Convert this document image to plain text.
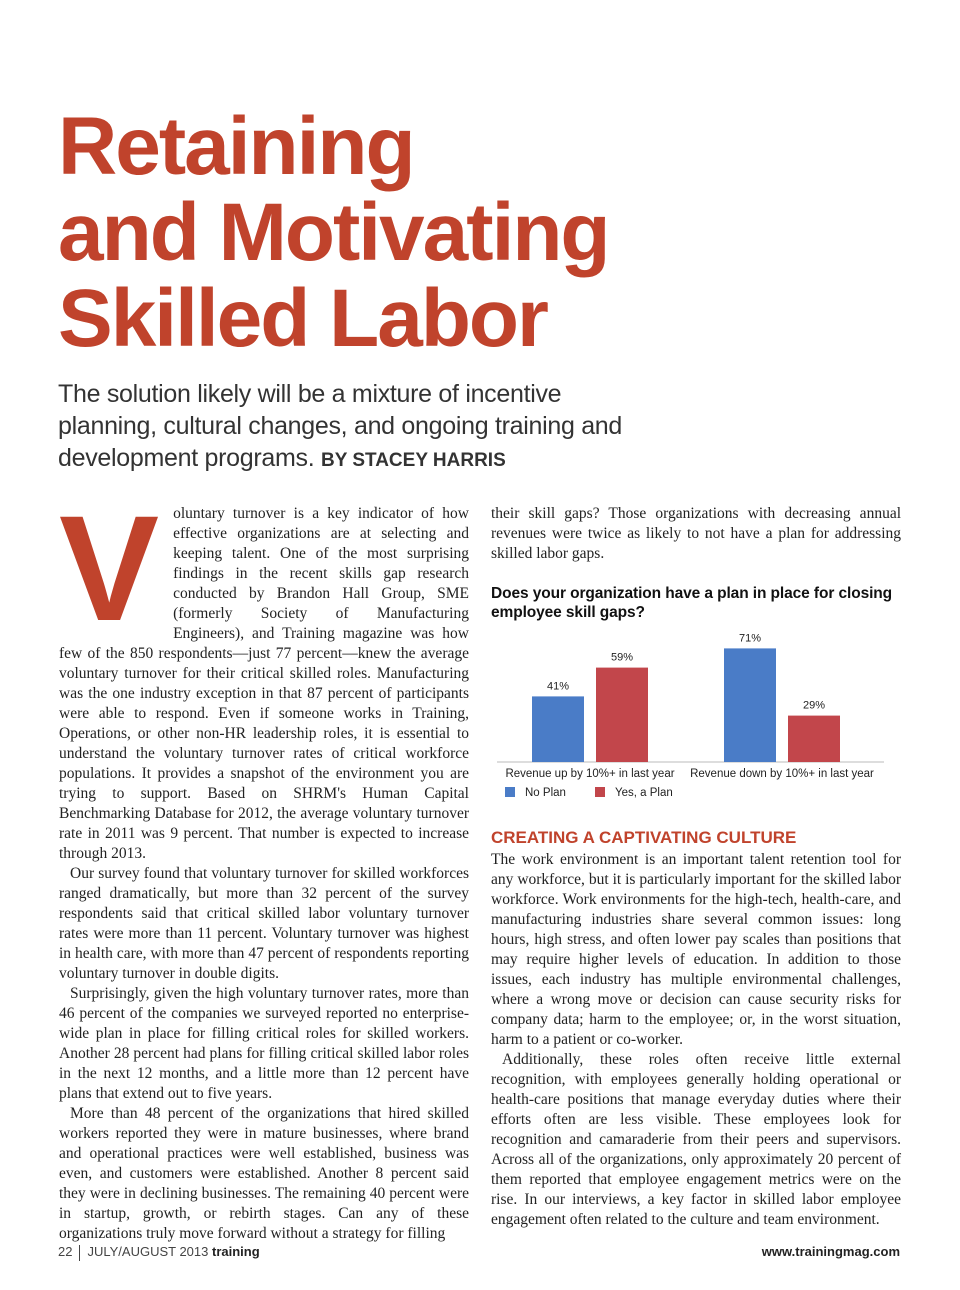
Retaining
and Motivating
Skilled Labor

The solution likely will be a mixture of incentive planning, cultural changes, and ongoing training and development programs. BY STACEY HARRIS

Voluntary turnover is a key indicator of how effective organizations are at selecting and keeping talent. One of the most surprising findings in the recent skills gap research conducted by Brandon Hall Group, SME (formerly Society of Manufacturing Engineers), and Training magazine was how few of the 850 respondents—just 77 percent—knew the average voluntary turnover for their critical skilled roles. Manufacturing was the one industry exception in that 87 percent of participants were able to respond. Even if someone works in Training, Operations, or other non-HR leadership roles, it is essential to understand the voluntary turnover rates of critical workforce populations. It provides a snapshot of the environment you are trying to support. Based on SHRM's Human Capital Benchmarking Database for 2012, the average voluntary turnover rate in 2011 was 9 percent. That number is expected to increase through 2013.

Our survey found that voluntary turnover for skilled workforces ranged dramatically, but more than 32 percent of the survey respondents said that critical skilled labor voluntary turnover rates were more than 11 percent. Voluntary turnover was highest in health care, with more than 47 percent of respondents reporting voluntary turnover in double digits.

Surprisingly, given the high voluntary turnover rates, more than 46 percent of the companies we surveyed reported no enterprise-wide plan in place for filling critical roles for skilled workers. Another 28 percent had plans for filling critical skilled labor roles in the next 12 months, and a little more than 12 percent have plans that extend out to five years.

More than 48 percent of the organizations that hired skilled workers reported they were in mature businesses, where brand and operational practices were well established, business was even, and customers were established. Another 8 percent said they were in declining businesses. The remaining 40 percent were in startup, growth, or rebirth stages. Can any of these organizations truly move forward without a strategy for filling

their skill gaps? Those organizations with decreasing annual revenues were twice as likely to not have a plan for addressing skilled labor gaps.

Does your organization have a plan in place for closing employee skill gaps?
41%
71%
59%
29%
Revenue up by 10%+ in last year Revenue down by 10%+ in last year
No Plan	Yes, a Plan
CREATING A CAPTIVATING CULTURE

The work environment is an important talent retention tool for any workforce, but it is particularly important for the skilled labor workforce. Work environments for the high-tech, health-care, and manufacturing industries share several common issues: long hours, high stress, and often lower pay scales than positions that may require higher levels of education. In addition to those issues, each industry has multiple environmental challenges, where a wrong move or decision can cause security risks for company data; harm to the employee; or, in the worst situation, harm to a patient or co-worker.

Additionally, these roles often receive little external recognition, with employees generally holding operational or health-care positions that manage everyday duties where their efforts often are less visible. These employees look for recognition and camaraderie from their peers and supervisors. Across all of the organizations, only approximately 20 percent of them reported that employee engagement metrics were on the rise. In our interviews, a key factor in skilled labor employee engagement often related to the culture and team environment.

22 JULY/AUGUST 2013 training	www.trainingmag.com
